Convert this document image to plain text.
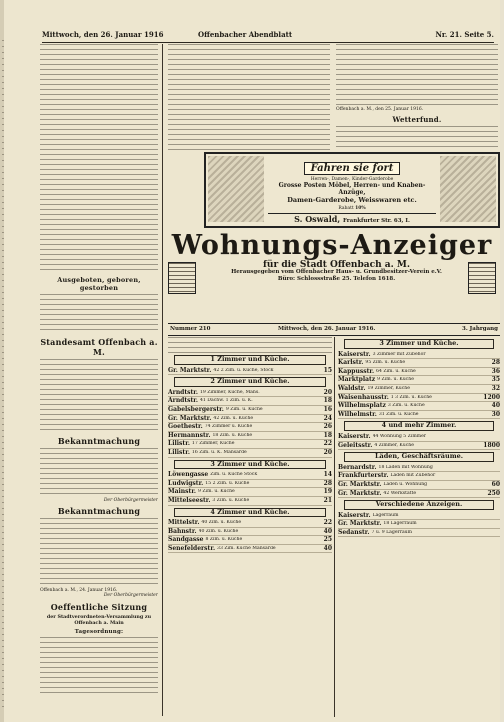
Mittwoch, den 26. Januar 1916	Offenbacher Abendblatt	Nr. 21. Seite 5.
Ausgeboten, geboren, gestorben
Standesamt Offenbach a. M.
Bekanntmachung
Der Oberbürgermeister
Bekanntmachung
Offenbach a. M., 24. Januar 1916.
Der Oberbürgermeister
Oeffentliche Sitzung
der Stadtverordneten-Versammlung zu Offenbach a. Main
Tagesordnung:
Offenbach a. M., den 25. Januar 1916.
Wetterfund.
Fahren sie fort
Herren-, Damen-, Kinder-Garderobe
Grosse Posten Möbel, Herren- und Knaben-Anzüge,
Damen-Garderobe, Weisswaren etc.
Rabatt 10%
S. Oswald, Frankfurter Str. 63, I.
Wohnungs-Anzeiger
für die Stadt Offenbach a. M.
Herausgegeben vom Offenbacher Haus- u. Grundbesitzer-Verein e.V.
Büro: Schlossstraße 25. Telefon 1618.
Nummer 210	Mittwoch, den 26. Januar 1916.	3. Jahrgang
1 Zimmer und Küche.
Gr. Marktstr. 42 2 Zim. u. Küche, Stock	15
2 Zimmer und Küche.
Arndtstr. 19 Zimmer, Küche, Mans.	20
Arndtstr. 41 Dachw. 1 Zim. u. K.	18
Gabelsbergerstr. 9 Zim. u. Küche	16
Gr. Marktstr. 42 Zim. u. Küche	24
Goethestr. 74 Zimmer u. Küche	26
Hermannstr. 18 Zim. u. Küche	18
Lilistr. 17 Zimmer, Küche	22
Lilistr. 16 Zim. u. K. Mansarde	20
3 Zimmer und Küche.
Löwengasse Zim. u. Küche Stock	14
Ludwigstr. 15 2 Zim. u. Küche	28
Mainstr. 9 Zim. u. Küche	19
Mittelseestr. 3 Zim. u. Küche	21
4 Zimmer und Küche.
Mittelstr. 40 Zim. u. Küche	22
Bahnstr. 40 Zim. u. Küche	40
Sandgasse 8 Zim. u. Küche	25
Senefelderstr. 33 Zim. Küche Mansarde	40
3 Zimmer und Küche.
Kaiserstr. 3 Zimmer mit Zubehör
Karlstr. 95 Zim. u. Küche	28
Kappusstr. 64 Zim. u. Küche	36
Marktplatz 9 Zim. u. Küche	35
Waldstr. 19 Zimmer, Küche	32
Waisenhausstr. 1 3 Zim. u. Küche	1200
Wilhelmsplatz 3 Zim. u. Küche	40
Wilhelmstr. 31 Zim. u. Küche	30
4 und mehr Zimmer.
Kaiserstr. 44 Wohnung 5 Zimmer
Geleitsstr. 4 Zimmer, Küche	1800
Läden, Geschäftsräume.
Bernardstr. 18 Laden mit Wohnung
Frankfurterstr. Laden mit Zubehör
Gr. Marktstr. Laden u. Wohnung	60
Gr. Marktstr. 42 Werkstätte	250
Verschiedene Anzeigen.
Kaiserstr. Lagerraum
Gr. Marktstr. 18 Lagerraum
Sedanstr. 7 u. 9 Lagerraum
